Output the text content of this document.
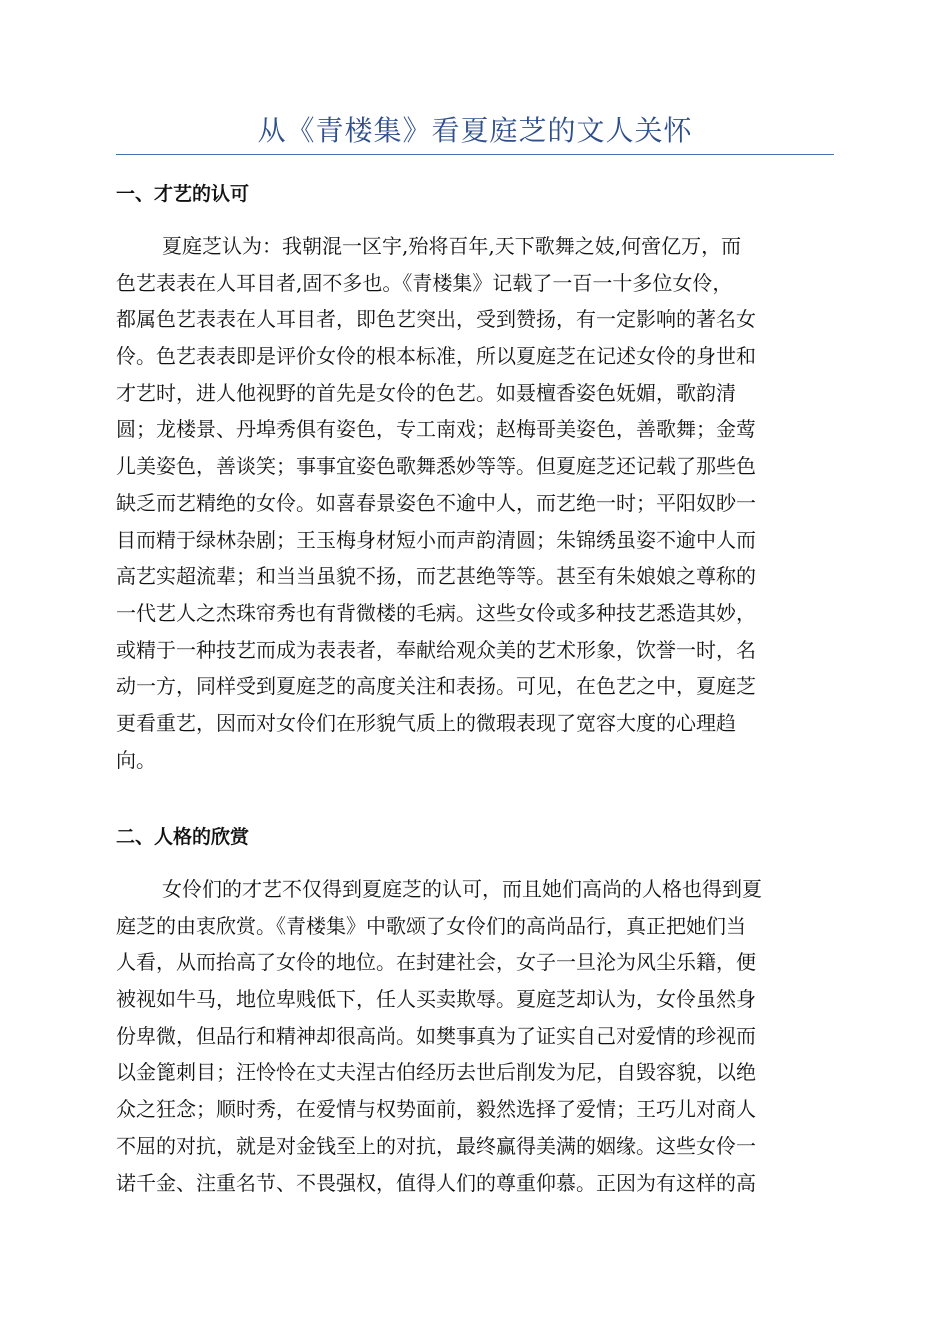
从《青楼集》看夏庭芝的文人关怀
一、才艺的认可
夏庭芝认为：我朝混一区宇,殆将百年,天下歌舞之妓,何啻亿万，而
色艺表表在人耳目者,固不多也。《青楼集》记载了一百一十多位女伶，
都属色艺表表在人耳目者，即色艺突出，受到赞扬，有一定影响的著名女
伶。色艺表表即是评价女伶的根本标准，所以夏庭芝在记述女伶的身世和
才艺时，进人他视野的首先是女伶的色艺。如聂檀香姿色妩媚，歌韵清
圆；龙楼景、丹埠秀俱有姿色，专工南戏；赵梅哥美姿色，善歌舞；金莺
儿美姿色，善谈笑；事事宜姿色歌舞悉妙等等。但夏庭芝还记载了那些色
缺乏而艺精绝的女伶。如喜春景姿色不逾中人，而艺绝一时；平阳奴眇一
目而精于绿林杂剧；王玉梅身材短小而声韵清圆；朱锦绣虽姿不逾中人而
高艺实超流辈；和当当虽貌不扬，而艺甚绝等等。甚至有朱娘娘之尊称的
一代艺人之杰珠帘秀也有背微楼的毛病。这些女伶或多种技艺悉造其妙，
或精于一种技艺而成为表表者，奉献给观众美的艺术形象，饮誉一时，名
动一方，同样受到夏庭芝的高度关注和表扬。可见，在色艺之中，夏庭芝
更看重艺，因而对女伶们在形貌气质上的微瑕表现了宽容大度的心理趋
向。
二、人格的欣赏
女伶们的才艺不仅得到夏庭芝的认可，而且她们高尚的人格也得到夏
庭芝的由衷欣赏。《青楼集》中歌颂了女伶们的高尚品行，真正把她们当
人看，从而抬高了女伶的地位。在封建社会，女子一旦沦为风尘乐籍，便
被视如牛马，地位卑贱低下，任人买卖欺辱。夏庭芝却认为，女伶虽然身
份卑微，但品行和精神却很高尚。如樊事真为了证实自己对爱情的珍视而
以金篦刺目；汪怜怜在丈夫涅古伯经历去世后削发为尼，自毁容貌，以绝
众之狂念；顺时秀，在爱情与权势面前，毅然选择了爱情；王巧儿对商人
不屈的对抗，就是对金钱至上的对抗，最终赢得美满的姻缘。这些女伶一
诺千金、注重名节、不畏强权，值得人们的尊重仰慕。正因为有这样的高
